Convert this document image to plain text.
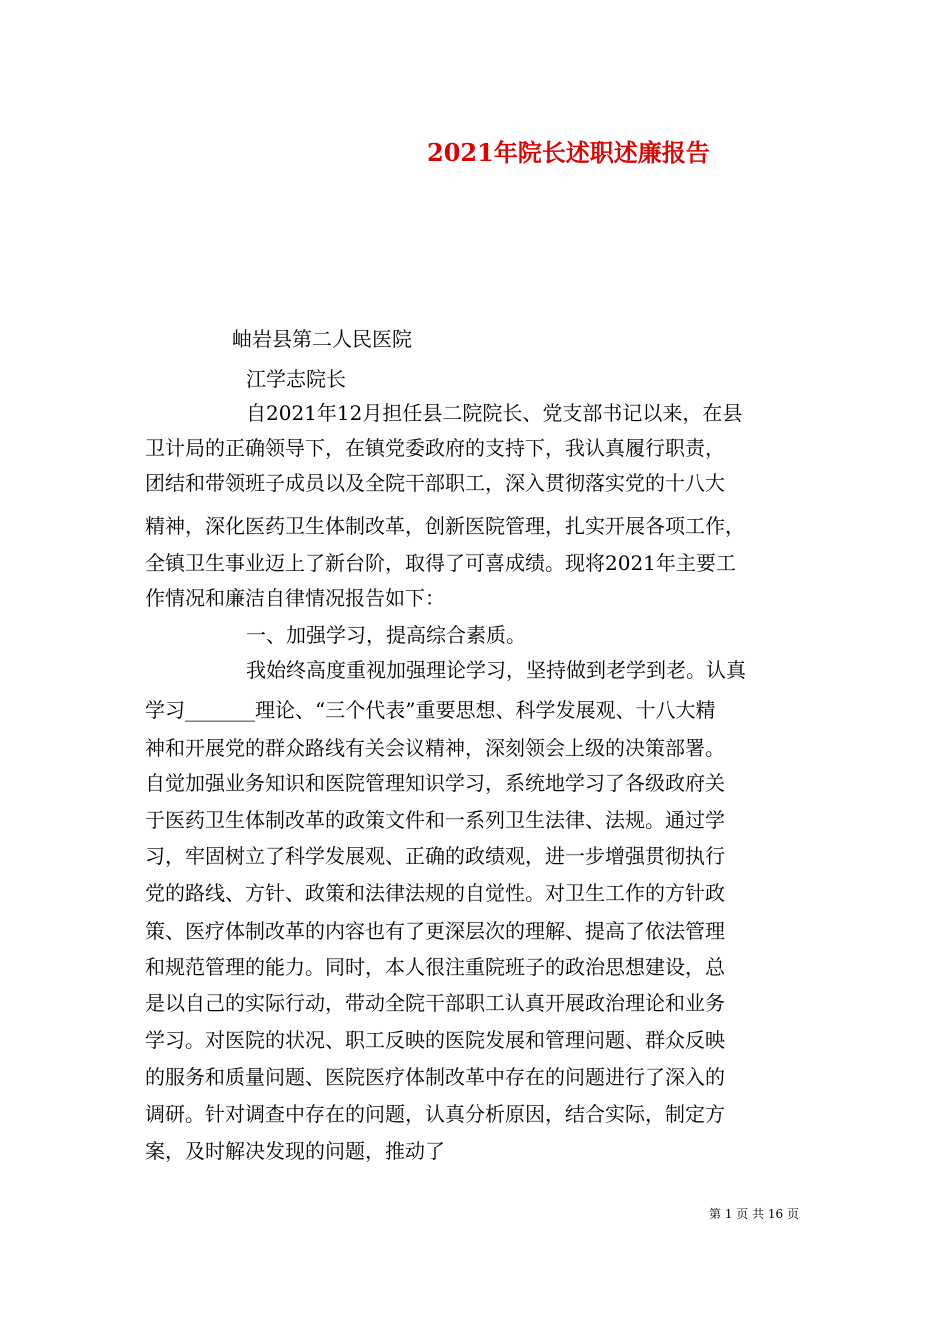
2021年院长述职述廉报告
岫岩县第二人民医院
江学志院长
自2021年12月担任县二院院长、党支部书记以来，在县
卫计局的正确领导下，在镇党委政府的支持下，我认真履行职责，
团结和带领班子成员以及全院干部职工，深入贯彻落实党的十八大
精神，深化医药卫生体制改革，创新医院管理，扎实开展各项工作，
全镇卫生事业迈上了新台阶，取得了可喜成绩。现将2021年主要工
作情况和廉洁自律情况报告如下：
一、加强学习，提高综合素质。
我始终高度重视加强理论学习，坚持做到老学到老。认真
学习_______理论、“三个代表”重要思想、科学发展观、十八大精
神和开展党的群众路线有关会议精神，深刻领会上级的决策部署。
自觉加强业务知识和医院管理知识学习，系统地学习了各级政府关
于医药卫生体制改革的政策文件和一系列卫生法律、法规。通过学
习，牢固树立了科学发展观、正确的政绩观，进一步增强贯彻执行
党的路线、方针、政策和法律法规的自觉性。对卫生工作的方针政
策、医疗体制改革的内容也有了更深层次的理解、提高了依法管理
和规范管理的能力。同时，本人很注重院班子的政治思想建设，总
是以自己的实际行动，带动全院干部职工认真开展政治理论和业务
学习。对医院的状况、职工反映的医院发展和管理问题、群众反映
的服务和质量问题、医院医疗体制改革中存在的问题进行了深入的
调研。针对调查中存在的问题，认真分析原因，结合实际，制定方
案，及时解决发现的问题，推动了
第 1 页 共 16 页
